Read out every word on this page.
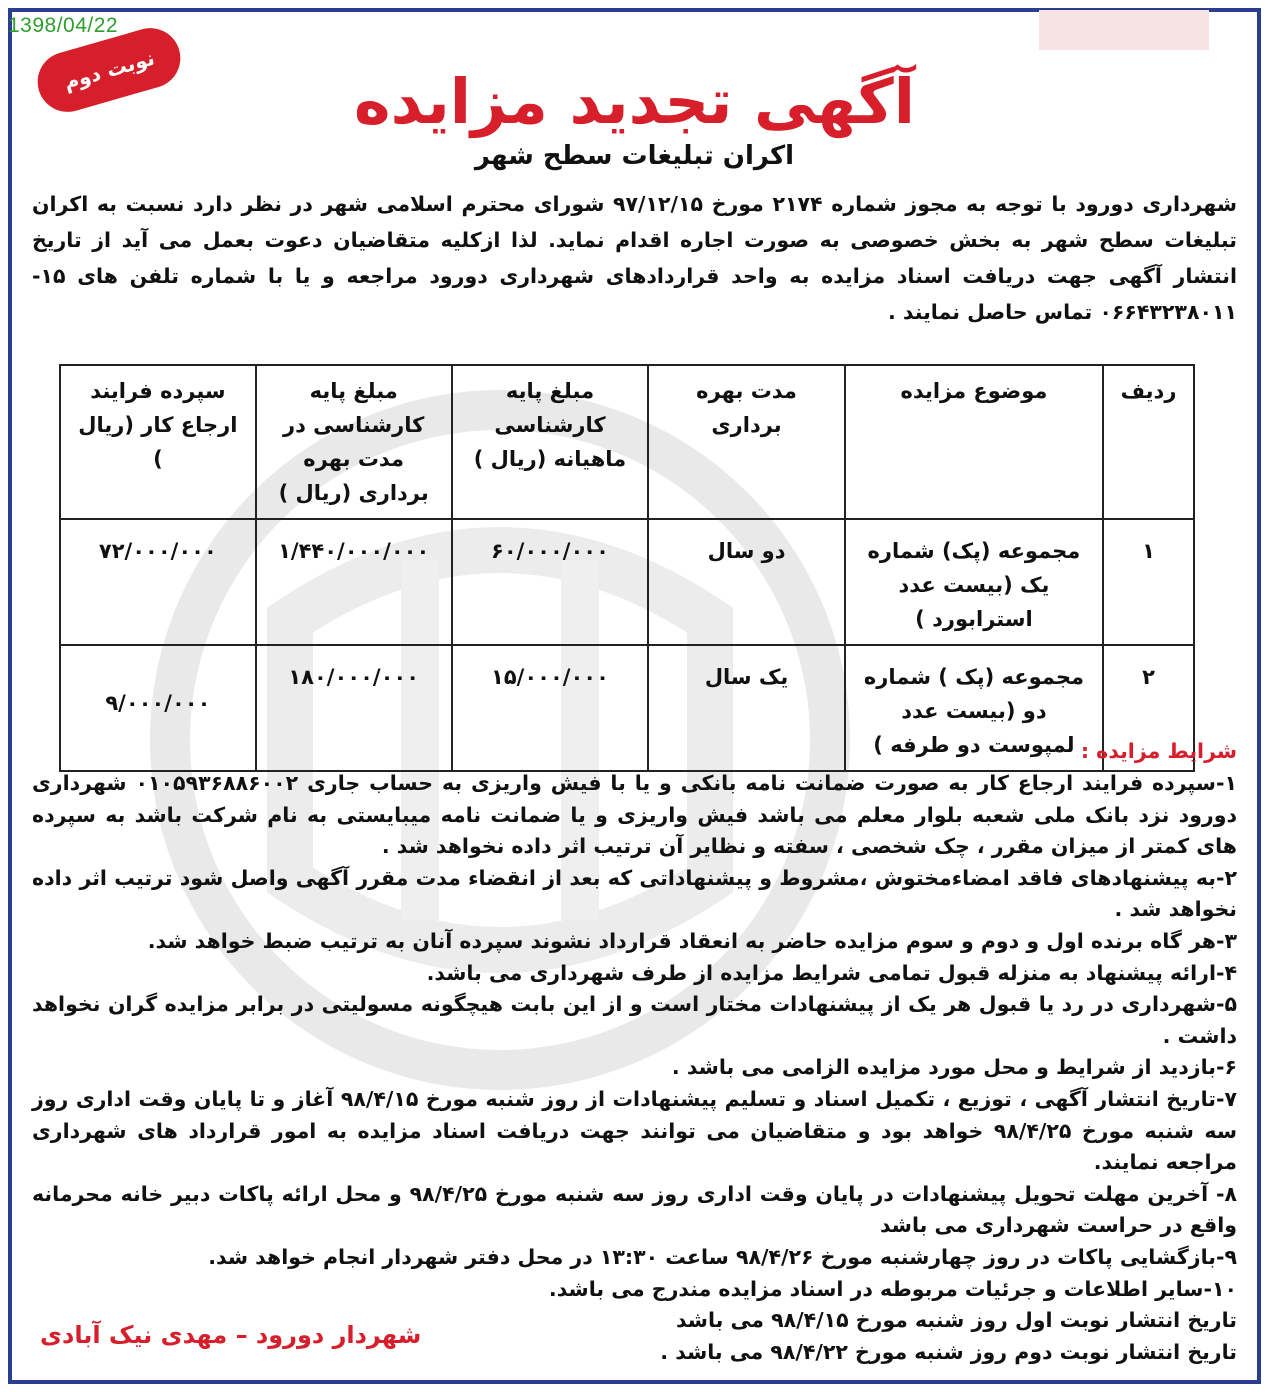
1398/04/22
نوبت دوم	آگهی تجدید مزایده
اکران تبلیغات سطح شهر

شهرداری دورود با توجه به مجوز شماره ۲۱۷۴ مورخ ۹۷/۱۲/۱۵ شورای محترم اسلامی شهر در نظر دارد نسبت به اکران تبلیغات سطح شهر به بخش خصوصی به صورت اجاره اقدام نماید. لذا ازکلیه متقاضیان دعوت بعمل می آید از تاریخ انتشار آگهی جهت دریافت اسناد مزایده به واحد قراردادهای شهرداری دورود مراجعه و یا با شماره تلفن های ۱۵- ۰۶۶۴۳۲۳۸۰۱۱ تماس حاصل نمایند .

ردیف	موضوع مزایده	مدت بهره برداری	مبلغ پایه کارشناسی ماهیانه (ریال )	مبلغ پایه کارشناسی در مدت بهره برداری (ریال )	سپرده فرایند ارجاع کار (ریال )
۱	مجموعه (پک) شماره یک (بیست عدد استرابورد )	دو سال	۶۰/۰۰۰/۰۰۰	۱/۴۴۰/۰۰۰/۰۰۰	۷۲/۰۰۰/۰۰۰
۲	مجموعه (پک ) شماره دو (بیست عدد لمپوست دو طرفه )	یک سال	۱۵/۰۰۰/۰۰۰	۱۸۰/۰۰۰/۰۰۰	۹/۰۰۰/۰۰۰

شرایط مزایده :

۱-سپرده فرایند ارجاع کار به صورت ضمانت نامه بانکی و یا با فیش واریزی به حساب جاری ۰۱۰۵۹۳۶۸۸۶۰۰۲ شهرداری دورود نزد بانک ملی شعبه بلوار معلم می باشد فیش واریزی و یا ضمانت نامه میبایستی به نام شرکت باشد به سپرده های کمتر از میزان مقرر ، چک شخصی ، سفته و نظایر آن ترتیب اثر داده نخواهد شد .

۲-به پیشنهادهای فاقد امضاءمختوش ،مشروط و پیشنهاداتی که بعد از انقضاء مدت مقرر آگهی واصل شود ترتیب اثر داده نخواهد شد .

۳-هر گاه برنده اول و دوم و سوم مزایده حاضر به انعقاد قرارداد نشوند سپرده آنان به ترتیب ضبط خواهد شد.

۴-ارائه پیشنهاد به منزله قبول تمامی شرایط مزایده از طرف شهرداری می باشد.

۵-شهرداری در رد یا قبول هر یک از پیشنهادات مختار است و از این بابت هیچگونه مسولیتی در برابر مزایده گران نخواهد داشت .

۶-بازدید از شرایط و محل مورد مزایده الزامی می باشد .

۷-تاریخ انتشار آگهی ، توزیع ، تکمیل اسناد و تسلیم پیشنهادات از روز شنبه مورخ ۹۸/۴/۱۵ آغاز و تا پایان وقت اداری روز سه شنبه مورخ ۹۸/۴/۲۵ خواهد بود و متقاضیان می توانند جهت دریافت اسناد مزایده به امور قرارداد های شهرداری مراجعه نمایند.

۸- آخرین مهلت تحویل پیشنهادات در پایان وقت اداری روز سه شنبه مورخ ۹۸/۴/۲۵ و محل ارائه پاکات دبیر خانه محرمانه واقع در حراست شهرداری می باشد

۹-بازگشایی پاکات در روز چهارشنبه مورخ ۹۸/۴/۲۶ ساعت ۱۳:۳۰ در محل دفتر شهردار انجام خواهد شد.

۱۰-سایر اطلاعات و جرئیات مربوطه در اسناد مزایده مندرج می باشد.

تاریخ انتشار نوبت اول روز شنبه مورخ ۹۸/۴/۱۵ می باشد

تاریخ انتشار نوبت دوم روز شنبه مورخ ۹۸/۴/۲۲ می باشد .

شهردار دورود – مهدی نیک آبادی
